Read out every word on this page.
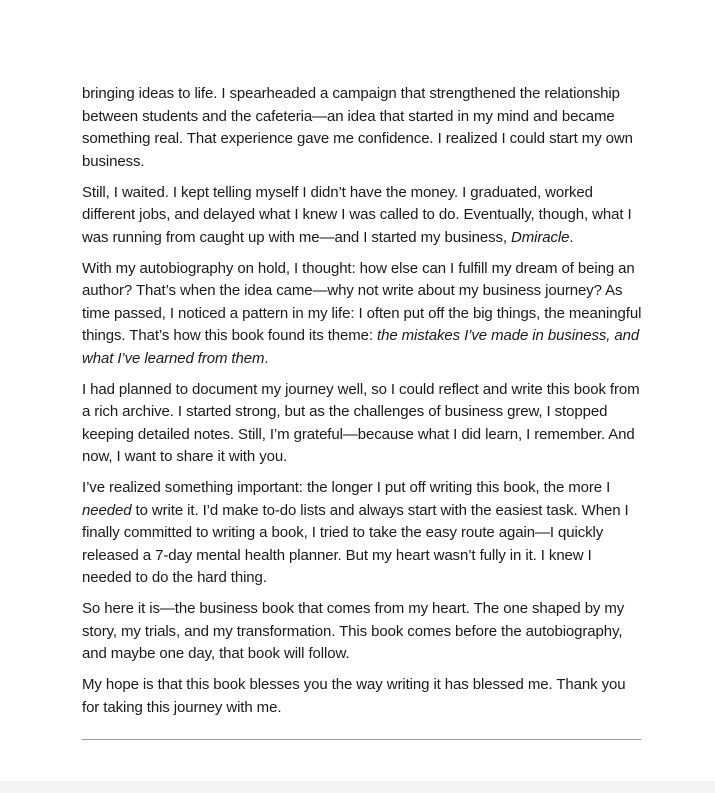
bringing ideas to life. I spearheaded a campaign that strengthened the relationship between students and the cafeteria—an idea that started in my mind and became something real. That experience gave me confidence. I realized I could start my own business.

Still, I waited. I kept telling myself I didn’t have the money. I graduated, worked different jobs, and delayed what I knew I was called to do. Eventually, though, what I was running from caught up with me—and I started my business, Dmiracle.

With my autobiography on hold, I thought: how else can I fulfill my dream of being an author? That’s when the idea came—why not write about my business journey? As time passed, I noticed a pattern in my life: I often put off the big things, the meaningful things. That’s how this book found its theme: the mistakes I’ve made in business, and what I’ve learned from them.

I had planned to document my journey well, so I could reflect and write this book from a rich archive. I started strong, but as the challenges of business grew, I stopped keeping detailed notes. Still, I’m grateful—because what I did learn, I remember. And now, I want to share it with you.

I’ve realized something important: the longer I put off writing this book, the more I needed to write it. I’d make to-do lists and always start with the easiest task. When I finally committed to writing a book, I tried to take the easy route again—I quickly released a 7-day mental health planner. But my heart wasn’t fully in it. I knew I needed to do the hard thing.

So here it is—the business book that comes from my heart. The one shaped by my story, my trials, and my transformation. This book comes before the autobiography, and maybe one day, that book will follow.

My hope is that this book blesses you the way writing it has blessed me. Thank you for taking this journey with me.
